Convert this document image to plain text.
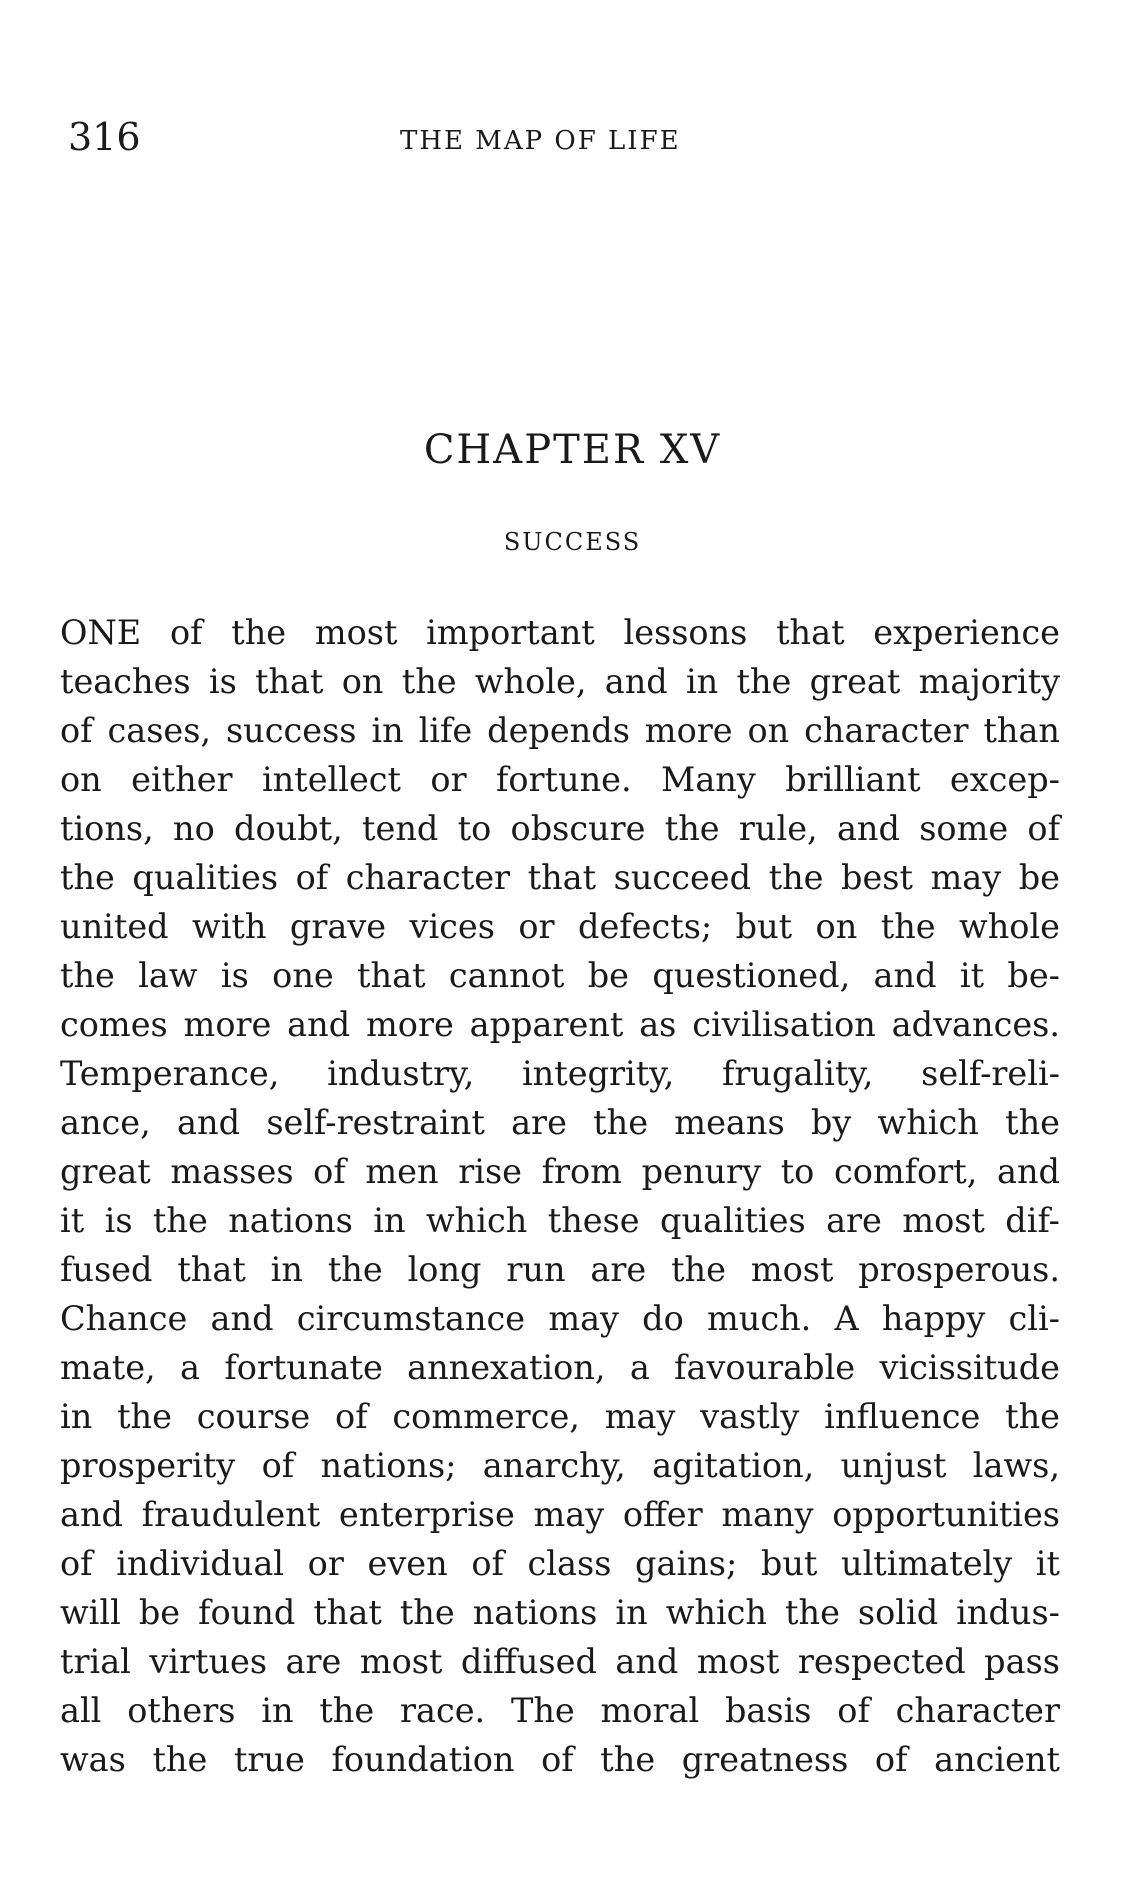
316	THE MAP OF LIFE
CHAPTER XV
SUCCESS
ONE of the most important lessons that experience
teaches is that on the whole, and in the great majority
of cases, success in life depends more on character than
on either intellect or fortune. Many brilliant excep-
tions, no doubt, tend to obscure the rule, and some of
the qualities of character that succeed the best may be
united with grave vices or defects; but on the whole
the law is one that cannot be questioned, and it be-
comes more and more apparent as civilisation advances.
Temperance, industry, integrity, frugality, self-reli-
ance, and self-restraint are the means by which the
great masses of men rise from penury to comfort, and
it is the nations in which these qualities are most dif-
fused that in the long run are the most prosperous.
Chance and circumstance may do much. A happy cli-
mate, a fortunate annexation, a favourable vicissitude
in the course of commerce, may vastly influence the
prosperity of nations; anarchy, agitation, unjust laws,
and fraudulent enterprise may offer many opportunities
of individual or even of class gains; but ultimately it
will be found that the nations in which the solid indus-
trial virtues are most diffused and most respected pass
all others in the race. The moral basis of character
was the true foundation of the greatness of ancient
